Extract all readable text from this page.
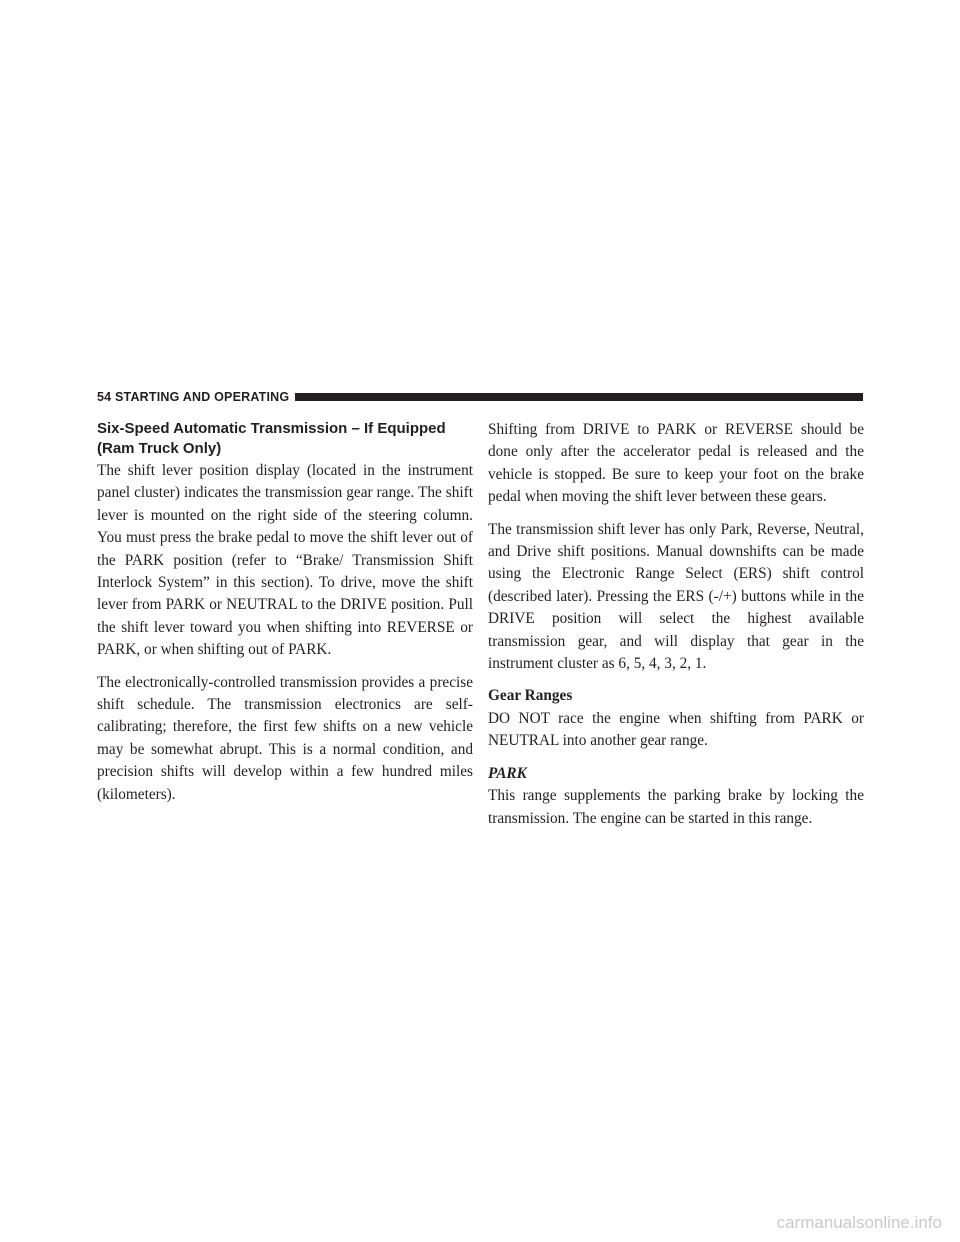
54 STARTING AND OPERATING
Six-Speed Automatic Transmission – If Equipped
(Ram Truck Only)

The shift lever position display (located in the instrument panel cluster) indicates the transmission gear range. The shift lever is mounted on the right side of the steering column. You must press the brake pedal to move the shift lever out of the PARK position (refer to “Brake/ Transmission Shift Interlock System” in this section). To drive, move the shift lever from PARK or NEUTRAL to the DRIVE position. Pull the shift lever toward you when shifting into REVERSE or PARK, or when shifting out of PARK.

The electronically-controlled transmission provides a precise shift schedule. The transmission electronics are self-calibrating; therefore, the first few shifts on a new vehicle may be somewhat abrupt. This is a normal condition, and precision shifts will develop within a few hundred miles (kilometers).

Shifting from DRIVE to PARK or REVERSE should be done only after the accelerator pedal is released and the vehicle is stopped. Be sure to keep your foot on the brake pedal when moving the shift lever between these gears.

The transmission shift lever has only Park, Reverse, Neutral, and Drive shift positions. Manual downshifts can be made using the Electronic Range Select (ERS) shift control (described later). Pressing the ERS (-/+) buttons while in the DRIVE position will select the highest available transmission gear, and will display that gear in the instrument cluster as 6, 5, 4, 3, 2, 1.

Gear Ranges

DO NOT race the engine when shifting from PARK or NEUTRAL into another gear range.

PARK

This range supplements the parking brake by locking the transmission. The engine can be started in this range.

carmanualsonline.info
